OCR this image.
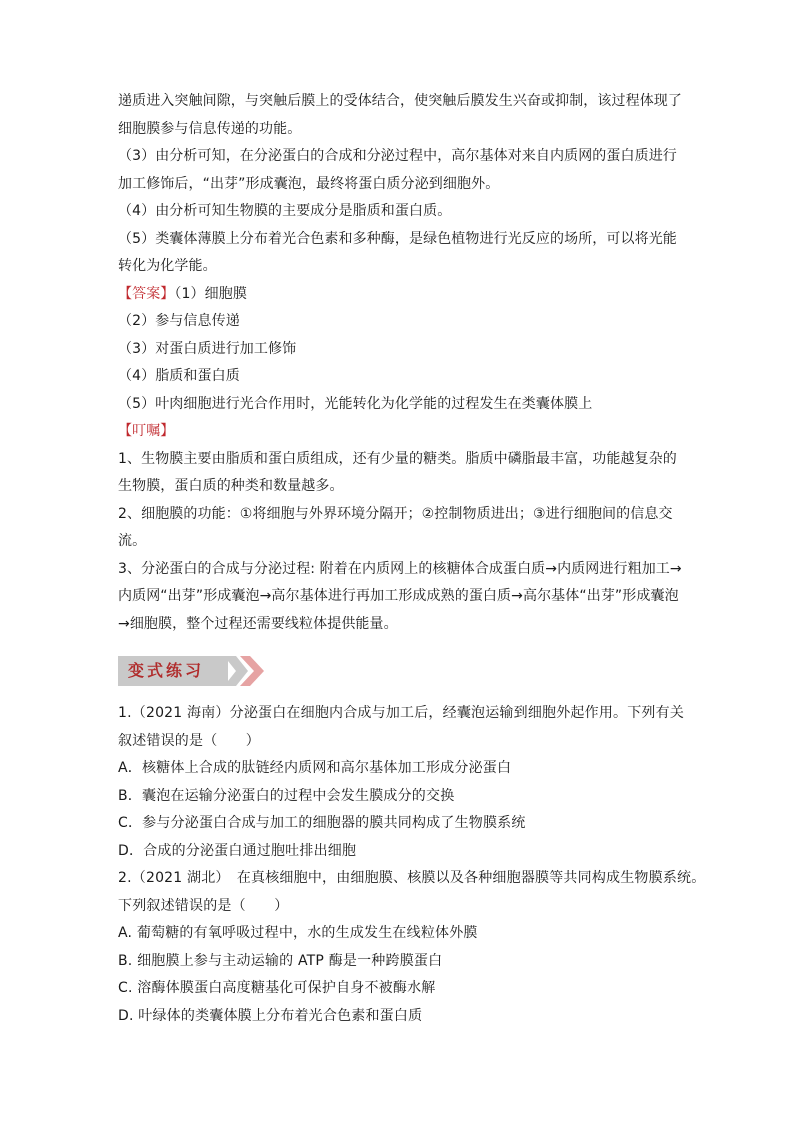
递质进入突触间隙，与突触后膜上的受体结合，使突触后膜发生兴奋或抑制，该过程体现了
细胞膜参与信息传递的功能。
（3）由分析可知，在分泌蛋白的合成和分泌过程中，高尔基体对来自内质网的蛋白质进行
加工修饰后，“出芽”形成囊泡，最终将蛋白质分泌到细胞外。
（4）由分析可知生物膜的主要成分是脂质和蛋白质。
（5）类囊体薄膜上分布着光合色素和多种酶，是绿色植物进行光反应的场所，可以将光能
转化为化学能。
【答案】（1）细胞膜
（2）参与信息传递
（3）对蛋白质进行加工修饰
（4）脂质和蛋白质
（5）叶肉细胞进行光合作用时，光能转化为化学能的过程发生在类囊体膜上
【叮嘱】
1、生物膜主要由脂质和蛋白质组成，还有少量的糖类。脂质中磷脂最丰富，功能越复杂的
生物膜，蛋白质的种类和数量越多。
2、细胞膜的功能：①将细胞与外界环境分隔开；②控制物质进出；③进行细胞间的信息交
流。
3、分泌蛋白的合成与分泌过程: 附着在内质网上的核糖体合成蛋白质→内质网进行粗加工→
内质网“出芽”形成囊泡→高尔基体进行再加工形成成熟的蛋白质→高尔基体“出芽”形成囊泡
→细胞膜，整个过程还需要线粒体提供能量。
变式练习
1.（2021 海南）分泌蛋白在细胞内合成与加工后，经囊泡运输到细胞外起作用。下列有关
叙述错误的是（　　）
A．核糖体上合成的肽链经内质网和高尔基体加工形成分泌蛋白
B．囊泡在运输分泌蛋白的过程中会发生膜成分的交换
C．参与分泌蛋白合成与加工的细胞器的膜共同构成了生物膜系统
D．合成的分泌蛋白通过胞吐排出细胞
2.（2021 湖北）　在真核细胞中，由细胞膜、核膜以及各种细胞器膜等共同构成生物膜系统。
下列叙述错误的是（　　）
A. 葡萄糖的有氧呼吸过程中，水的生成发生在线粒体外膜
B. 细胞膜上参与主动运输的 ATP 酶是一种跨膜蛋白
C. 溶酶体膜蛋白高度糖基化可保护自身不被酶水解
D. 叶绿体的类囊体膜上分布着光合色素和蛋白质
